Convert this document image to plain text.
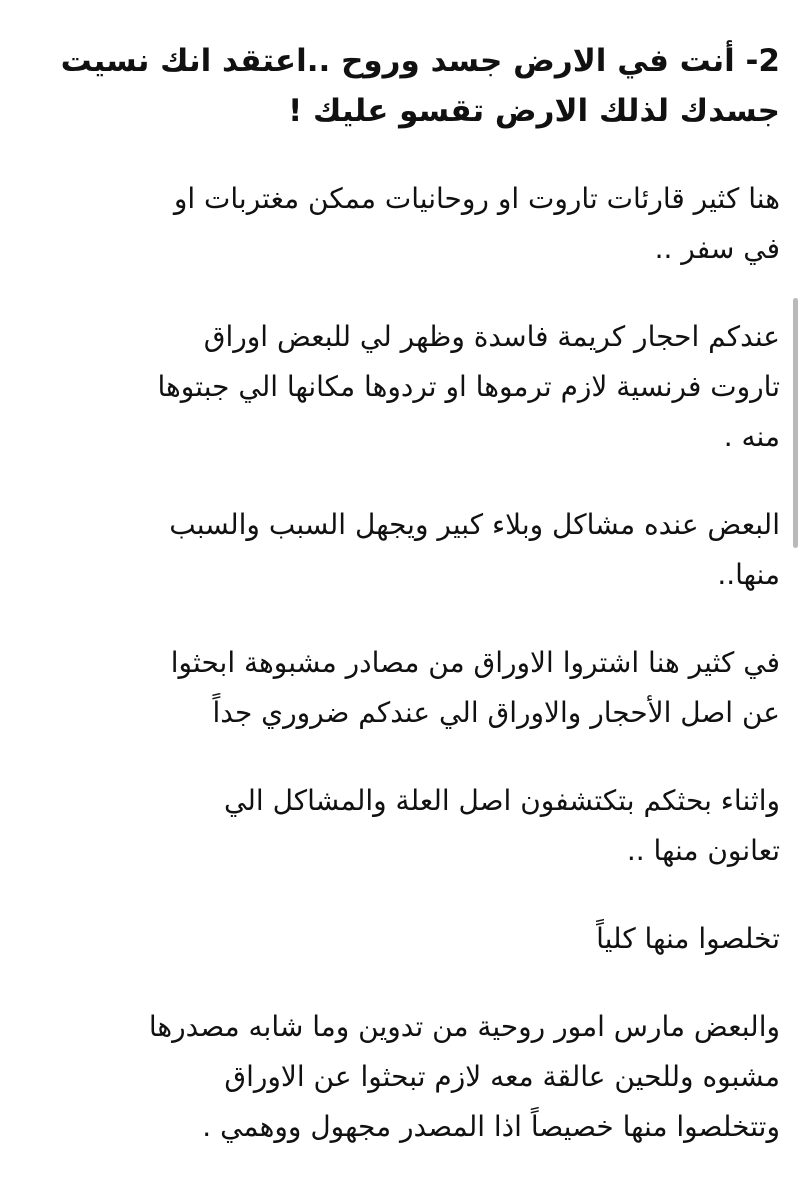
2- أنت في الارض جسد وروح ..اعتقد انك نسيت
جسدك لذلك الارض تقسو عليك !
هنا كثير قارئات تاروت او روحانيات ممكن مغتربات او
في سفر ..
عندكم احجار كريمة فاسدة وظهر لي للبعض اوراق
تاروت فرنسية لازم ترموها او تردوها مكانها الي جبتوها
منه .
البعض عنده مشاكل وبلاء كبير ويجهل السبب والسبب
منها..
في كثير هنا اشتروا الاوراق من مصادر مشبوهة ابحثوا
عن اصل الأحجار والاوراق الي عندكم ضروري جداً
واثناء بحثكم بتكتشفون اصل العلة والمشاكل الي
تعانون منها ..
تخلصوا منها كلياً
والبعض مارس امور روحية من تدوين وما شابه مصدرها
مشبوه وللحين عالقة معه لازم تبحثوا عن الاوراق
وتتخلصوا منها خصيصاً اذا المصدر مجهول ووهمي .
